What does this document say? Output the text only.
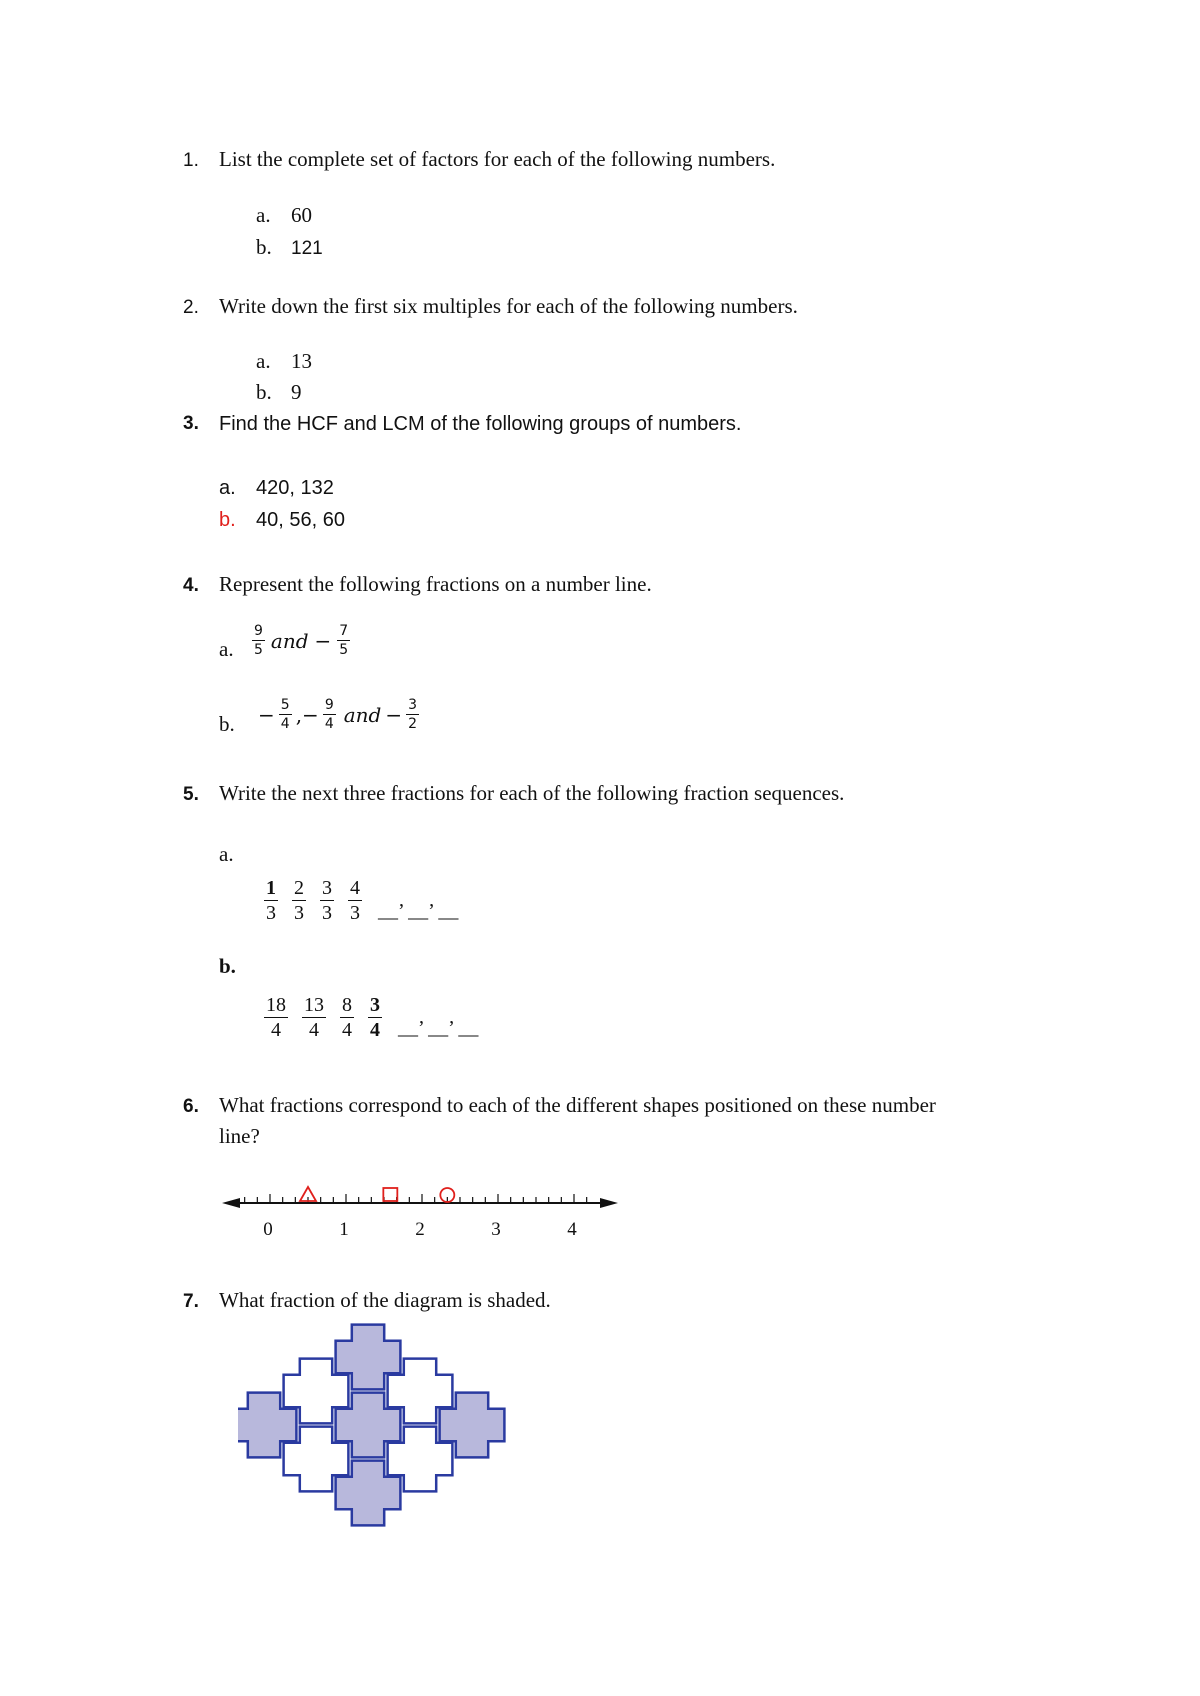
1. List the complete set of factors for each of the following numbers.
a. 60
b. 121
2. Write down the first six multiples for each of the following numbers.
a. 13
b. 9
3. Find the HCF and LCM of the following groups of numbers.
a. 420, 132
b. 40, 56, 60
4. Represent the following fractions on a number line.
a. $\frac{9}{5}$ and − $\frac{7}{5}$
b. − $\frac{5}{4}$ ,− $\frac{9}{4}$ and − $\frac{3}{2}$
5. Write the next three fractions for each of the following fraction sequences.
a.
$\frac{1}{3} \frac{2}{3} \frac{3}{3} \frac{4}{3}$ __’ __’ __
b.
$\frac{18}{4} \frac{13}{4} \frac{8}{4} \frac{3}{4}$ __’ __’ __
6. What fractions correspond to each of the different shapes positioned on these number
line?
0	1	2	3	4
7. What fraction of the diagram is shaded.
